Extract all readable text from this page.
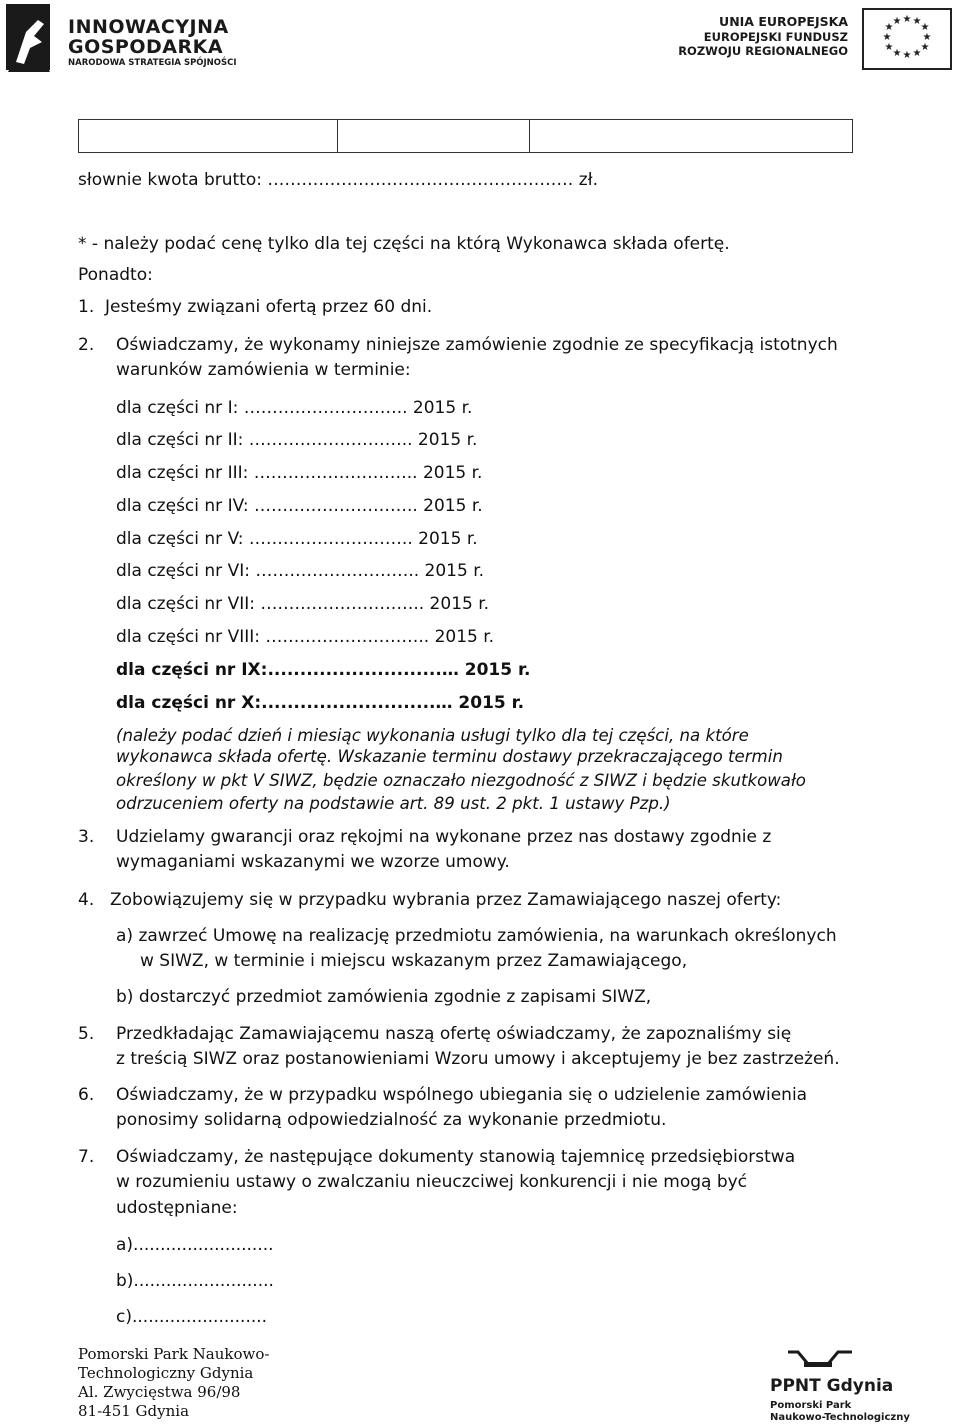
INNOWACYJNA
GOSPODARKA
NARODOWA STRATEGIA SPÓJNOŚCI
UNIA EUROPEJSKA
EUROPEJSKI FUNDUSZ
ROZWOJU REGIONALNEGO
★ ★
★
★
★
★
★
★
★
★
★
★
słownie kwota brutto: ……………………………………………… zł.
* - należy podać cenę tylko dla tej części na którą Wykonawca składa ofertę.
Ponadto:
1. Jesteśmy związani ofertą przez 60 dni.
2. Oświadczamy, że wykonamy niniejsze zamówienie zgodnie ze specyfikacją istotnych
warunków zamówienia w terminie:
dla części nr I: ……………………….. 2015 r.
dla części nr II: ……………………….. 2015 r.
dla części nr III: ……………………….. 2015 r.
dla części nr IV: ……………………….. 2015 r.
dla części nr V: ……………………….. 2015 r.
dla części nr VI: ……………………….. 2015 r.
dla części nr VII: ……………………….. 2015 r.
dla części nr VIII: ……………………….. 2015 r.
dla części nr IX:...........................… 2015 r.
dla części nr X:...........................… 2015 r.
(należy podać dzień i miesiąc wykonania usługi tylko dla tej części, na które
wykonawca składa ofertę. Wskazanie terminu dostawy przekraczającego termin
określony w pkt V SIWZ, będzie oznaczało niezgodność z SIWZ i będzie skutkowało
odrzuceniem oferty na podstawie art. 89 ust. 2 pkt. 1 ustawy Pzp.)
3. Udzielamy gwarancji oraz rękojmi na wykonane przez nas dostawy zgodnie z
wymaganiami wskazanymi we wzorze umowy.
4. Zobowiązujemy się w przypadku wybrania przez Zamawiającego naszej oferty:
a) zawrzeć Umowę na realizację przedmiotu zamówienia, na warunkach określonych
w SIWZ, w terminie i miejscu wskazanym przez Zamawiającego,
b) dostarczyć przedmiot zamówienia zgodnie z zapisami SIWZ,
5. Przedkładając Zamawiającemu naszą ofertę oświadczamy, że zapoznaliśmy się
z treścią SIWZ oraz postanowieniami Wzoru umowy i akceptujemy je bez zastrzeżeń.
6. Oświadczamy, że w przypadku wspólnego ubiegania się o udzielenie zamówienia
ponosimy solidarną odpowiedzialność za wykonanie przedmiotu.
7. Oświadczamy, że następujące dokumenty stanowią tajemnicę przedsiębiorstwa
w rozumieniu ustawy o zwalczaniu nieuczciwej konkurencji i nie mogą być
udostępniane:
a)..........................
b)..........................
c).........................
Pomorski Park Naukowo-
Technologiczny Gdynia
Al. Zwycięstwa 96/98
81-451 Gdynia
PPNT Gdynia
Pomorski Park
Naukowo-Technologiczny
